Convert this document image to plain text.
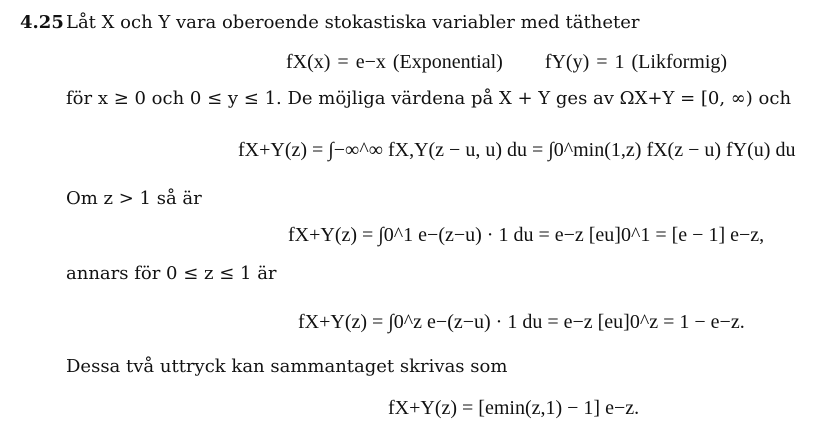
4.25 Låt X och Y vara oberoende stokastiska variabler med tätheter
fX(x) = e−x (Exponential)      fY(y) = 1 (Likformig)
för x ≥ 0 och 0 ≤ y ≤ 1. De möjliga värdena på X + Y ges av ΩX+Y = [0, ∞) och
fX+Y(z) = ∫−∞^∞ fX,Y(z − u, u) du = ∫0^min(1,z) fX(z − u) fY(u) du
Om z > 1 så är
fX+Y(z) = ∫0^1 e−(z−u) · 1 du = e−z [eu]0^1 = [e − 1] e−z,
annars för 0 ≤ z ≤ 1 är
fX+Y(z) = ∫0^z e−(z−u) · 1 du = e−z [eu]0^z = 1 − e−z.
Dessa två uttryck kan sammantaget skrivas som
fX+Y(z) = [emin(z,1) − 1] e−z.
